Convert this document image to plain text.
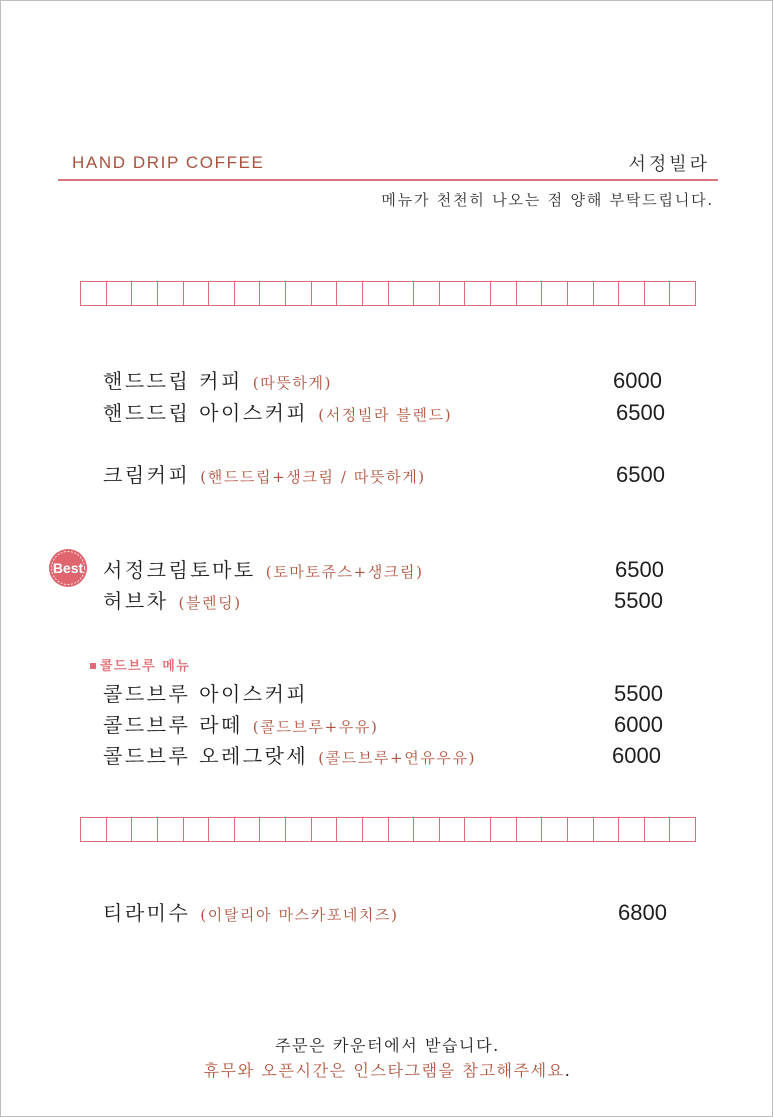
HAND DRIP COFFEE	서정빌라
메뉴가 천천히 나오는 점 양해 부탁드립니다.
핸드드립 커피 (따뜻하게)	6000
핸드드립 아이스커피 (서정빌라 블렌드)	6500
크림커피 (핸드드립+생크림 / 따뜻하게)	6500
Best 서정크림토마토 (토마토쥬스+생크림)	6500
허브차 (블렌딩)	5500
콜드브루 메뉴
콜드브루 아이스커피	5500
콜드브루 라떼 (콜드브루+우유)	6000
콜드브루 오레그랏세 (콜드브루+연유우유)	6000
티라미수 (이탈리아 마스카포네치즈)	6800
주문은 카운터에서 받습니다.
휴무와 오픈시간은 인스타그램을 참고해주세요.
